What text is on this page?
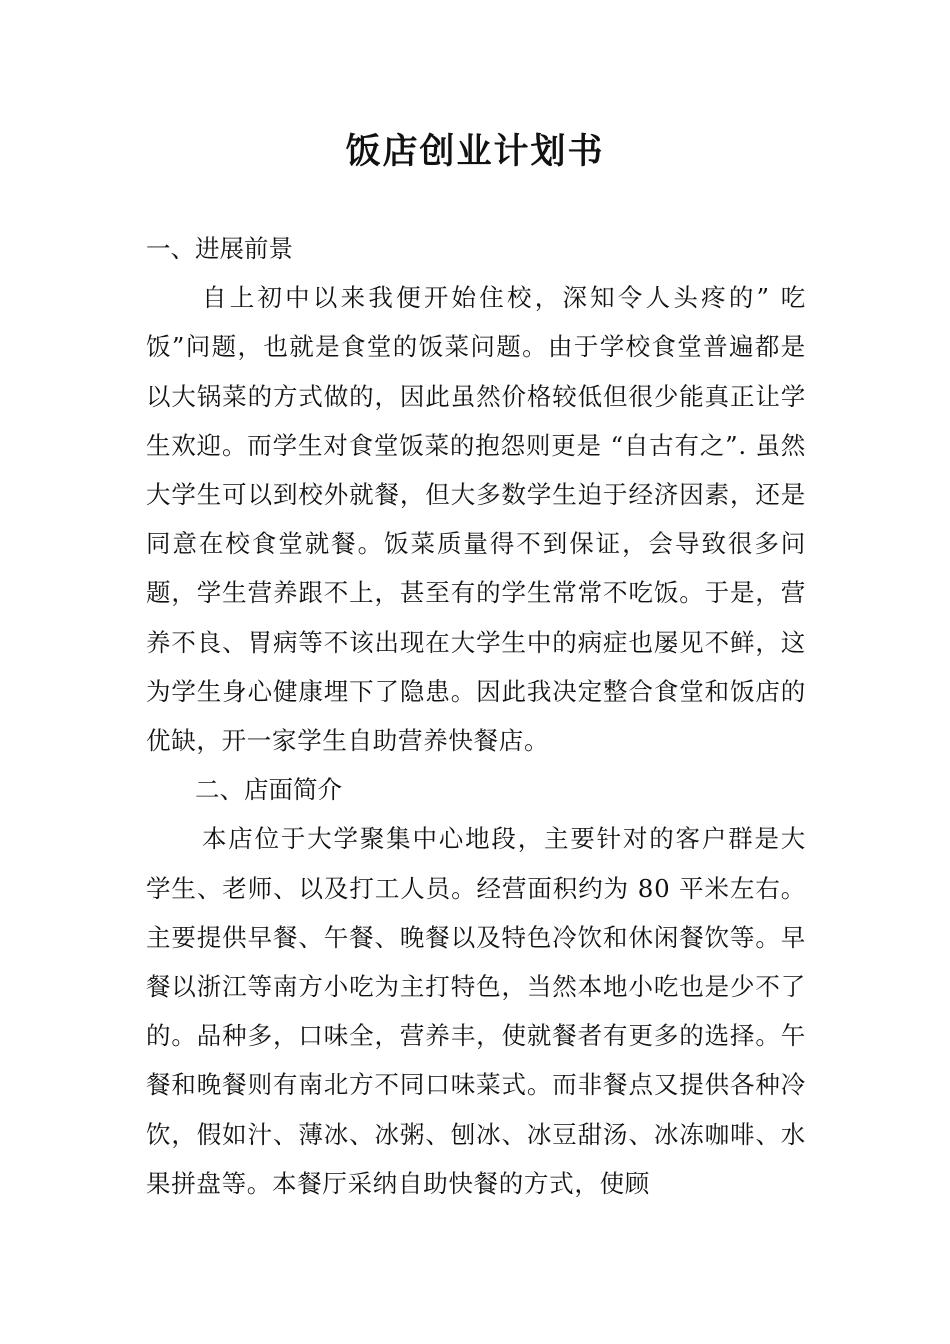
饭店创业计划书

一、进展前景

自上初中以来我便开始住校，深知令人头疼的” 吃饭”问题，也就是食堂的饭菜问题。由于学校食堂普遍都是以大锅菜的方式做的，因此虽然价格较低但很少能真正让学生欢迎。而学生对食堂饭菜的抱怨则更是 “自古有之”. 虽然大学生可以到校外就餐，但大多数学生迫于经济因素，还是同意在校食堂就餐。饭菜质量得不到保证，会导致很多问题，学生营养跟不上，甚至有的学生常常不吃饭。于是，营养不良、胃病等不该出现在大学生中的病症也屡见不鲜，这为学生身心健康埋下了隐患。因此我决定整合食堂和饭店的优缺，开一家学生自助营养快餐店。

二、店面简介

本店位于大学聚集中心地段，主要针对的客户群是大学生、老师、以及打工人员。经营面积约为 80 平米左右。主要提供早餐、午餐、晚餐以及特色冷饮和休闲餐饮等。早餐以浙江等南方小吃为主打特色，当然本地小吃也是少不了的。品种多，口味全，营养丰，使就餐者有更多的选择。午餐和晚餐则有南北方不同口味菜式。而非餐点又提供各种冷饮，假如汁、薄冰、冰粥、刨冰、冰豆甜汤、冰冻咖啡、水果拼盘等。本餐厅采纳自助快餐的方式，使顾
